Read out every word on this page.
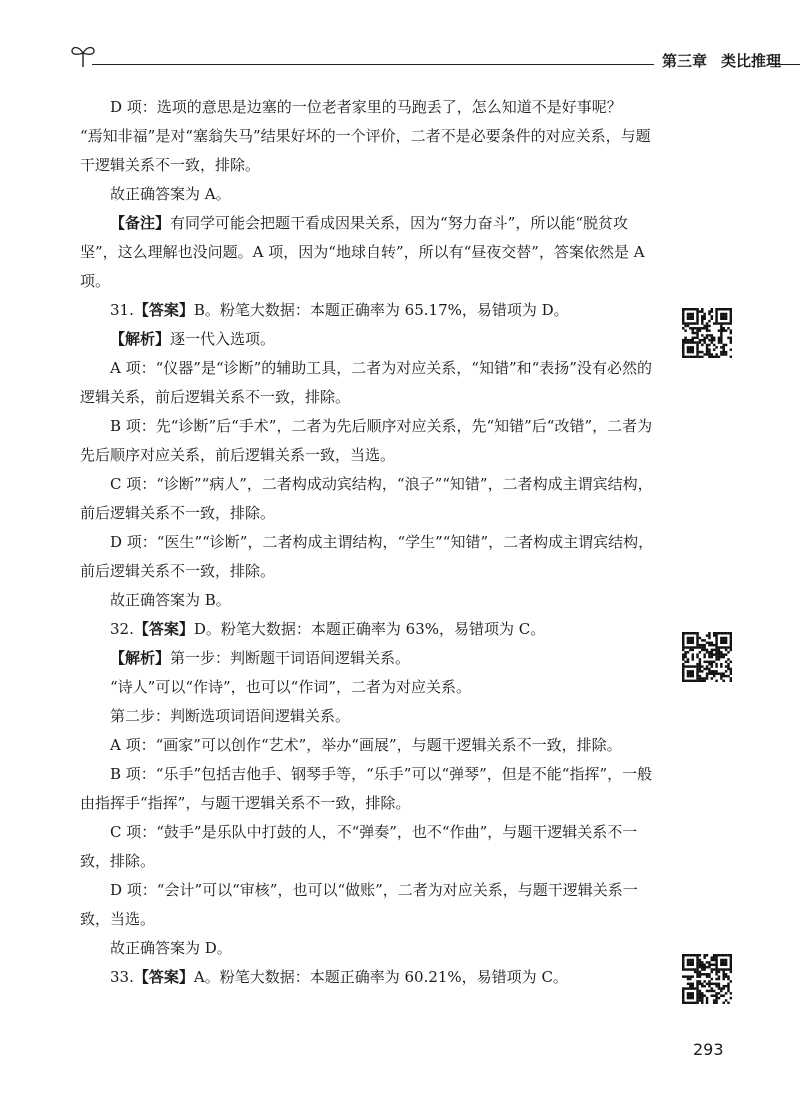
第三章 类比推理

D 项：选项的意思是边塞的一位老者家里的马跑丢了，怎么知道不是好事呢？

“焉知非福”是对“塞翁失马”结果好坏的一个评价，二者不是必要条件的对应关系，与题干逻辑关系不一致，排除。

故正确答案为 A。

【备注】有同学可能会把题干看成因果关系，因为“努力奋斗”，所以能“脱贫攻坚”，这么理解也没问题。A 项，因为“地球自转”，所以有“昼夜交替”，答案依然是 A 项。

31.【答案】B。粉笔大数据：本题正确率为 65.17%，易错项为 D。

【解析】逐一代入选项。

A 项：“仪器”是“诊断”的辅助工具，二者为对应关系，“知错”和“表扬”没有必然的逻辑关系，前后逻辑关系不一致，排除。

B 项：先“诊断”后“手术”，二者为先后顺序对应关系，先“知错”后“改错”，二者为先后顺序对应关系，前后逻辑关系一致，当选。

C 项：“诊断”“病人”，二者构成动宾结构，“浪子”“知错”，二者构成主谓宾结构，前后逻辑关系不一致，排除。

D 项：“医生”“诊断”，二者构成主谓结构，“学生”“知错”，二者构成主谓宾结构，前后逻辑关系不一致，排除。

故正确答案为 B。

32.【答案】D。粉笔大数据：本题正确率为 63%，易错项为 C。

【解析】第一步：判断题干词语间逻辑关系。

“诗人”可以“作诗”，也可以“作词”，二者为对应关系。

第二步：判断选项词语间逻辑关系。

A 项：“画家”可以创作“艺术”，举办“画展”，与题干逻辑关系不一致，排除。

B 项：“乐手”包括吉他手、钢琴手等，“乐手”可以“弹琴”，但是不能“指挥”，一般由指挥手“指挥”，与题干逻辑关系不一致，排除。

C 项：“鼓手”是乐队中打鼓的人，不“弹奏”，也不“作曲”，与题干逻辑关系不一致，排除。

D 项：“会计”可以“审核”，也可以“做账”，二者为对应关系，与题干逻辑关系一致，当选。

故正确答案为 D。

33.【答案】A。粉笔大数据：本题正确率为 60.21%，易错项为 C。

293
